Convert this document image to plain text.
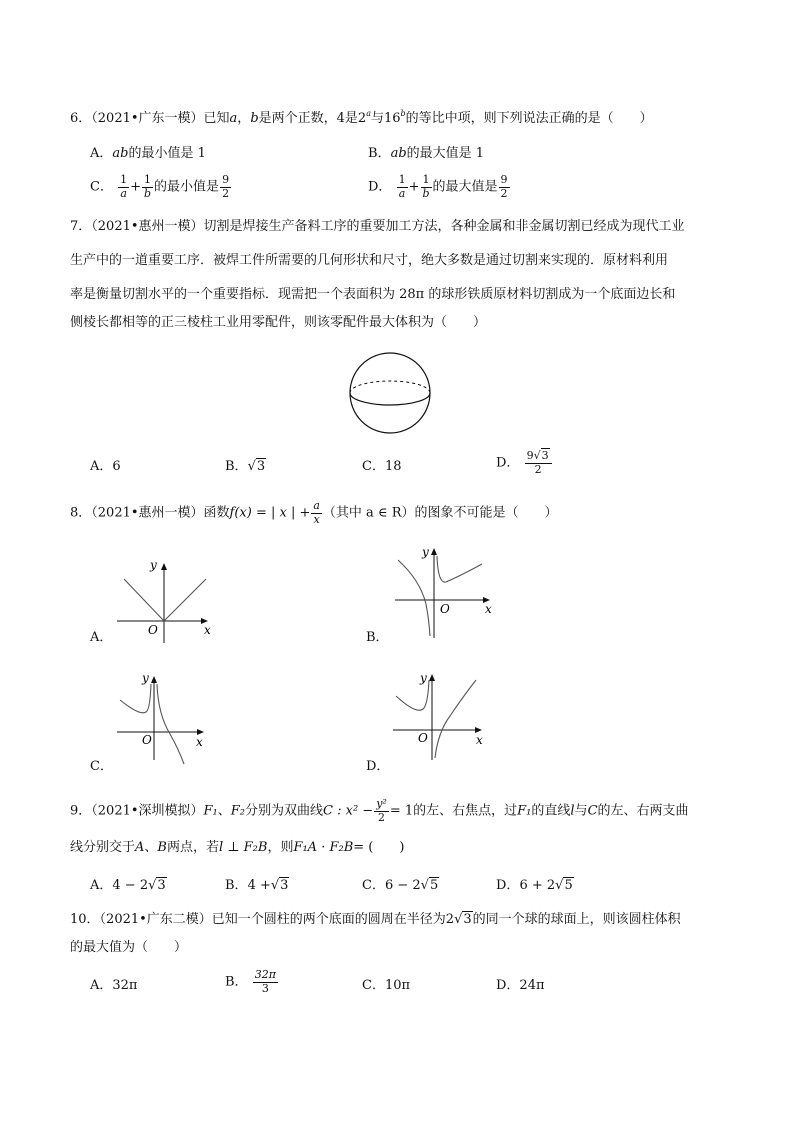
6．（2021•广东一模）已知a，b是两个正数，4是2$^a$与16$^b$的等比中项，则下列说法正确的是（　　）
A．ab的最小值是 1	B．ab的最大值是 1
C． $\frac{1}{a} + \frac{1}{b}$ 的最小值是 $\frac{9}{2}$	D． $\frac{1}{a} + \frac{1}{b}$ 的最大值是 $\frac{9}{2}$
7．（2021•惠州一模）切割是焊接生产备料工序的重要加工方法，各种金属和非金属切割已经成为现代工业
生产中的一道重要工序．被焊工件所需要的几何形状和尺寸，绝大多数是通过切割来实现的．原材料利用
率是衡量切割水平的一个重要指标．现需把一个表面积为 28π 的球形铁质原材料切割成为一个底面边长和
侧棱长都相等的正三棱柱工业用零配件，则该零配件最大体积为（　　）
A．6	B．√3	C．18	D． $\frac{9√3}{2}$
8．（2021•惠州一模）函数f(x) = | x | + $\frac{a}{x}$ （其中 a ∈ R）的图象不可能是（　　）
y
x
O
A．
y
x
O
B．
y
x
O
C．
y
x
O
D．
9．（2021•深圳模拟）F₁、F₂分别为双曲线C : $x^2 - \frac{\text{y²}}{2} = 1$的左、右焦点，过F₁的直线l与C的左、右两支曲
线分别交于A、B两点，若l ⊥ F₂B，则F₁A · F₂B= (　　)
A．4 − 2√3	B．4 +√3	C．6 − 2√5	D．6 + 2√5
10．（2021•广东二模）已知一个圆柱的两个底面的圆周在半径为2√3的同一个球的球面上，则该圆柱体积
的最大值为（　　）
A．32π	B． $\frac{32\pi}{3}$	C．10π	D．24π
